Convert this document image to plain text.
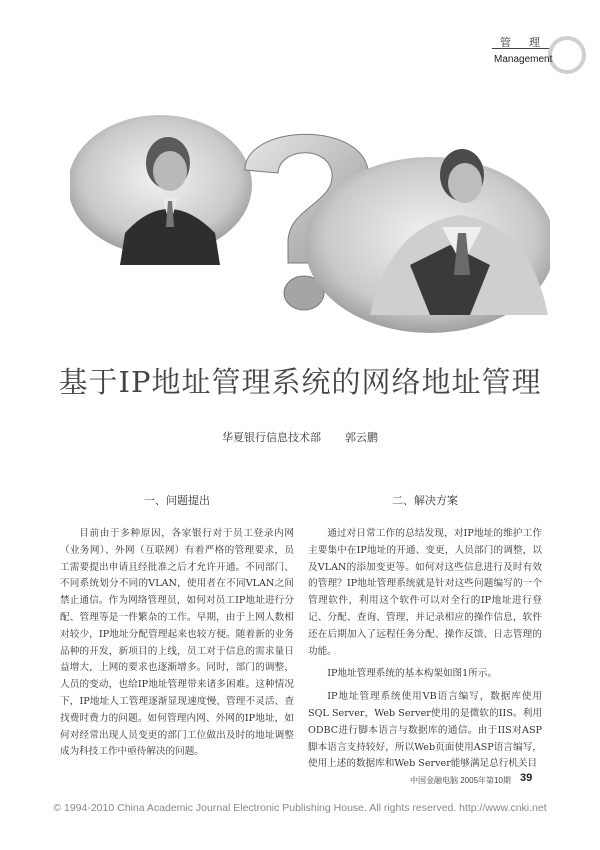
管理
Management
基于IP地址管理系统的网络地址管理
华夏银行信息技术部 郭云鹏
一、问题提出

目前由于多种原因，各家银行对于员工登录内网（业务网）、外网（互联网）有着严格的管理要求，员工需要提出申请且经批准之后才允许开通。不同部门、不同系统划分不同的VLAN，使用者在不同VLAN之间禁止通信。作为网络管理员，如何对员工IP地址进行分配、管理等是一件繁杂的工作。早期，由于上网人数相对较少，IP地址分配管理起来也较方便。随着新的业务品种的开发，新项目的上线，员工对于信息的需求量日益增大，上网的要求也逐渐增多。同时，部门的调整，人员的变动，也给IP地址管理带来诸多困难。这种情况下，IP地址人工管理逐渐显现速度慢、管理不灵活、查找费时费力的问题。如何管理内网、外网的IP地址，如何对经常出现人员变更的部门工位做出及时的地址调整成为科技工作中亟待解决的问题。

二、解决方案

通过对日常工作的总结发现，对IP地址的维护工作主要集中在IP地址的开通、变更，人员部门的调整，以及VLAN的添加变更等。如何对这些信息进行及时有效的管理？IP地址管理系统就是针对这些问题编写的一个管理软件，利用这个软件可以对全行的IP地址进行登记、分配、查询、管理，并记录相应的操作信息，软件还在后期加入了远程任务分配、操作反馈、日志管理的功能。

IP地址管理系统的基本构架如图1所示。

IP地址管理系统使用VB语言编写，数据库使用SQL Server，Web Server使用的是微软的IIS。利用ODBC进行脚本语言与数据库的通信。由于IIS对ASP脚本语言支持较好，所以Web页面使用ASP语言编写，使用上述的数据库和Web Server能够满足总行机关目

中国金融电脑 2005年第10期 39
© 1994-2010 China Academic Journal Electronic Publishing House. All rights reserved. http://www.cnki.net
